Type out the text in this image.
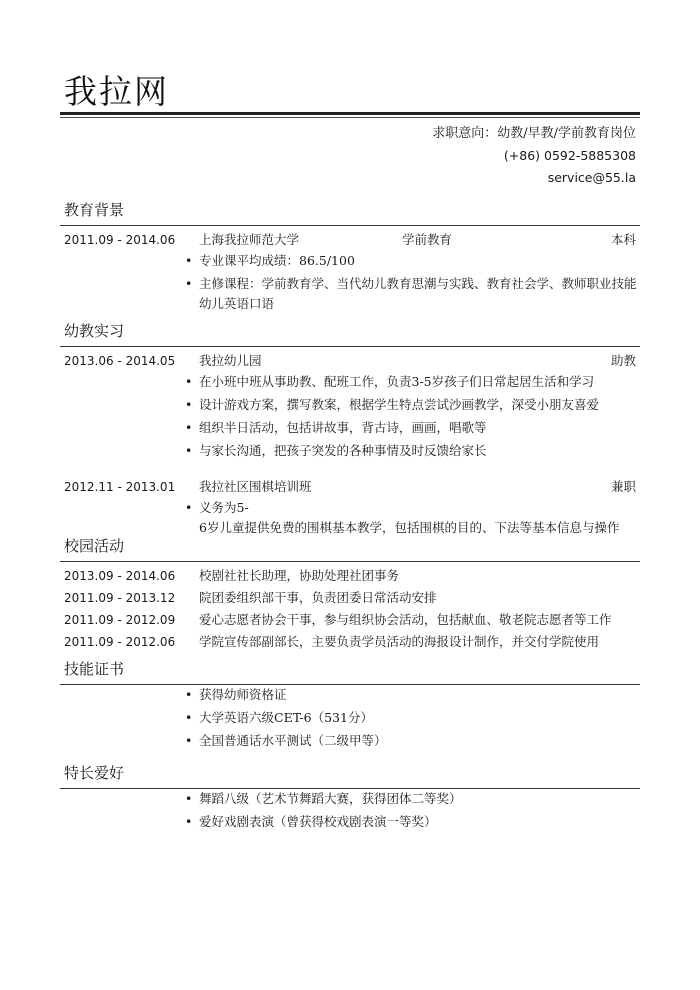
我拉网
求职意向：幼教/早教/学前教育岗位
(+86) 0592-5885308
service@55.la
教育背景
2011.09 - 2014.06 上海我拉师范大学	学前教育	本科
• 专业课平均成绩：86.5/100
• 主修课程：学前教育学、当代幼儿教育思潮与实践、教育社会学、教师职业技能
幼儿英语口语
幼教实习
2013.06 - 2014.05 我拉幼儿园	助教
• 在小班中班从事助教、配班工作，负责3-5岁孩子们日常起居生活和学习
• 设计游戏方案，撰写教案，根据学生特点尝试沙画教学，深受小朋友喜爱
• 组织半日活动，包括讲故事，背古诗，画画，唱歌等
• 与家长沟通，把孩子突发的各种事情及时反馈给家长
2012.11 - 2013.01 我拉社区围棋培训班	兼职
• 义务为5-
6岁儿童提供免费的围棋基本教学，包括围棋的目的、下法等基本信息与操作
校园活动
2013.09 - 2014.06 校剧社社长助理，协助处理社团事务
2011.09 - 2013.12 院团委组织部干事，负责团委日常活动安排
2011.09 - 2012.09 爱心志愿者协会干事，参与组织协会活动，包括献血、敬老院志愿者等工作
2011.09 - 2012.06 学院宣传部副部长，主要负责学员活动的海报设计制作，并交付学院使用
技能证书
• 获得幼师资格证
• 大学英语六级CET-6（531分）
• 全国普通话水平测试（二级甲等）
特长爱好
• 舞蹈八级（艺术节舞蹈大赛，获得团体二等奖）
• 爱好戏剧表演（曾获得校戏剧表演一等奖）
